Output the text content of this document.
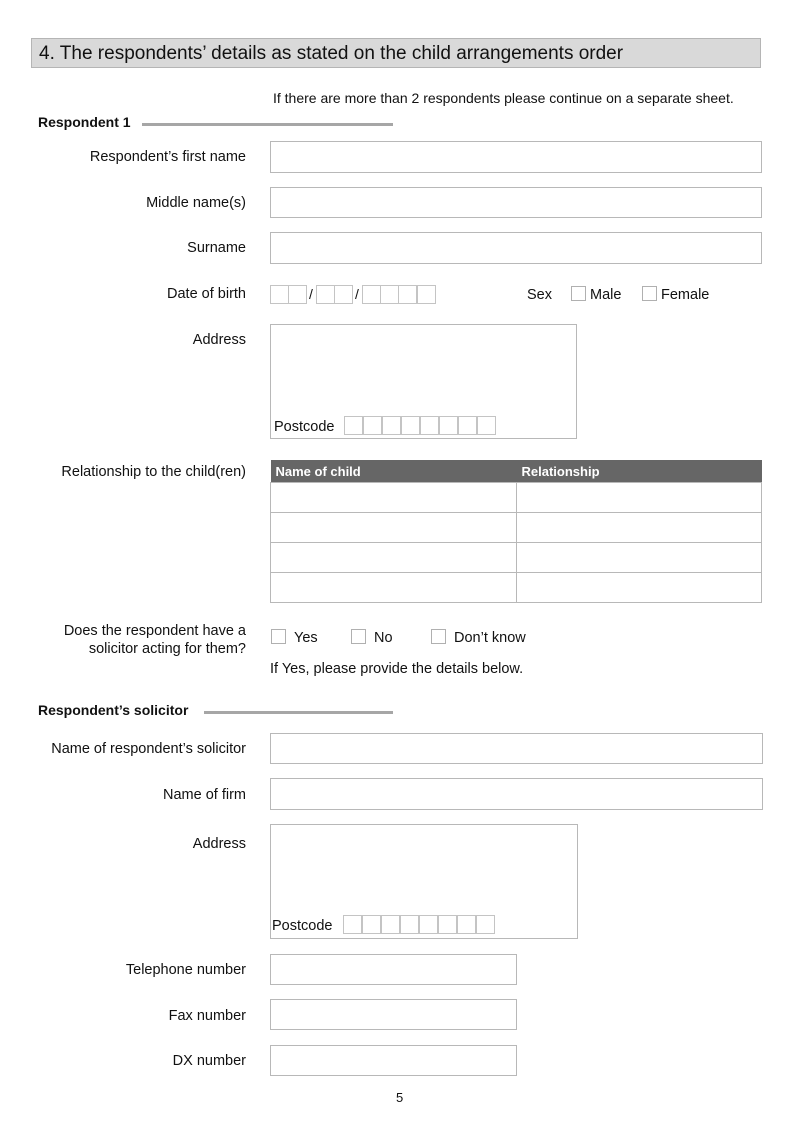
4. The respondents’ details as stated on the child arrangements order
If there are more than 2 respondents please continue on a separate sheet.
Respondent 1
Respondent’s first name
Middle name(s)
Surname
Date of birth	/	/	Sex	Male	Female
Address
Postcode
Relationship to the child(ren) Name of child	Relationship

Does the respondent have a solicitor acting for them?
Yes	No	Don’t know
If Yes, please provide the details below.
Respondent’s solicitor
Name of respondent’s solicitor
Name of firm
Address
Postcode
Telephone number
Fax number
DX number
5
